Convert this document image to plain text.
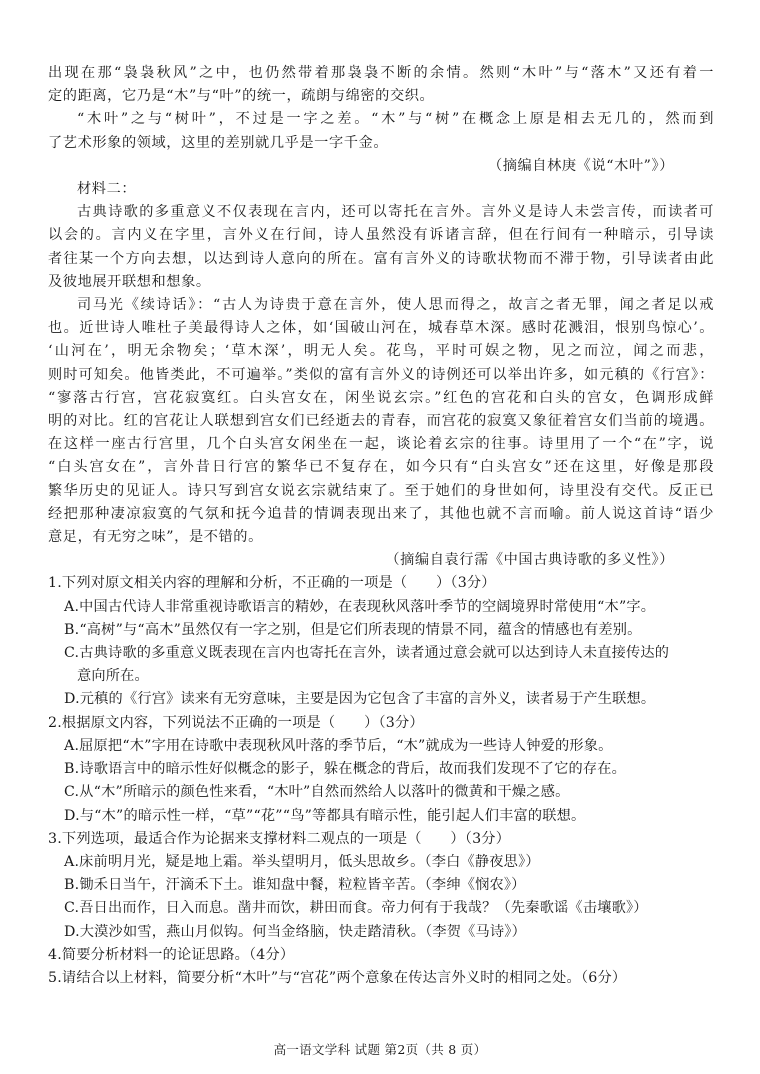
出现在那“袅袅秋风”之中，也仍然带着那袅袅不断的余情。然则“木叶”与“落木”又还有着一
定的距离，它乃是“木”与“叶”的统一，疏朗与绵密的交织。
“木叶”之与“树叶”，不过是一字之差。“木”与“树”在概念上原是相去无几的，然而到
了艺术形象的领域，这里的差别就几乎是一字千金。
（摘编自林庚《说“木叶”》）
材料二：
古典诗歌的多重意义不仅表现在言内，还可以寄托在言外。言外义是诗人未尝言传，而读者可
以会的。言内义在字里，言外义在行间，诗人虽然没有诉诸言辞，但在行间有一种暗示，引导读
者往某一个方向去想，以达到诗人意向的所在。富有言外义的诗歌状物而不滞于物，引导读者由此
及彼地展开联想和想象。
司马光《续诗话》：“古人为诗贵于意在言外，使人思而得之，故言之者无罪，闻之者足以戒
也。近世诗人唯杜子美最得诗人之体，如‘国破山河在，城春草木深。感时花溅泪，恨别鸟惊心’。
‘山河在’，明无余物矣；‘草木深’，明无人矣。花鸟，平时可娱之物，见之而泣，闻之而悲，
则时可知矣。他皆类此，不可遍举。”类似的富有言外义的诗例还可以举出许多，如元稹的《行宫》：
“寥落古行宫，宫花寂寞红。白头宫女在，闲坐说玄宗。”红色的宫花和白头的宫女，色调形成鲜
明的对比。红的宫花让人联想到宫女们已经逝去的青春，而宫花的寂寞又象征着宫女们当前的境遇。
在这样一座古行宫里，几个白头宫女闲坐在一起，谈论着玄宗的往事。诗里用了一个“在”字，说
“白头宫女在”，言外昔日行宫的繁华已不复存在，如今只有“白头宫女”还在这里，好像是那段
繁华历史的见证人。诗只写到宫女说玄宗就结束了。至于她们的身世如何，诗里没有交代。反正已
经把那种凄凉寂寞的气氛和抚今追昔的情调表现出来了，其他也就不言而喻。前人说这首诗“语少
意足，有无穷之味”，是不错的。
（摘编自袁行霈《中国古典诗歌的多义性》）
1.下列对原文相关内容的理解和分析，不正确的一项是（　　）（3分）
A.中国古代诗人非常重视诗歌语言的精妙，在表现秋风落叶季节的空阔境界时常使用“木”字。
B.“高树”与“高木”虽然仅有一字之别，但是它们所表现的情景不同，蕴含的情感也有差别。
C.古典诗歌的多重意义既表现在言内也寄托在言外，读者通过意会就可以达到诗人未直接传达的
意向所在。
D.元稹的《行宫》读来有无穷意味，主要是因为它包含了丰富的言外义，读者易于产生联想。
2.根据原文内容，下列说法不正确的一项是（　　）（3分）
A.屈原把“木”字用在诗歌中表现秋风叶落的季节后，“木”就成为一些诗人钟爱的形象。
B.诗歌语言中的暗示性好似概念的影子，躲在概念的背后，故而我们发现不了它的存在。
C.从“木”所暗示的颜色性来看，“木叶”自然而然给人以落叶的微黄和干燥之感。
D.与“木”的暗示性一样，“草”“花”“鸟”等都具有暗示性，能引起人们丰富的联想。
3.下列选项，最适合作为论据来支撑材料二观点的一项是（　　）（3分）
A.床前明月光，疑是地上霜。举头望明月，低头思故乡。（李白《静夜思》）
B.锄禾日当午，汗滴禾下土。谁知盘中餐，粒粒皆辛苦。（李绅《悯农》）
C.吾日出而作，日入而息。凿井而饮，耕田而食。帝力何有于我哉？（先秦歌谣《击壤歌》）
D.大漠沙如雪，燕山月似钩。何当金络脑，快走踏清秋。（李贺《马诗》）
4.简要分析材料一的论证思路。（4分）
5.请结合以上材料，简要分析“木叶”与“宫花”两个意象在传达言外义时的相同之处。（6分）
高一语文学科 试题 第2页（共 8 页）
